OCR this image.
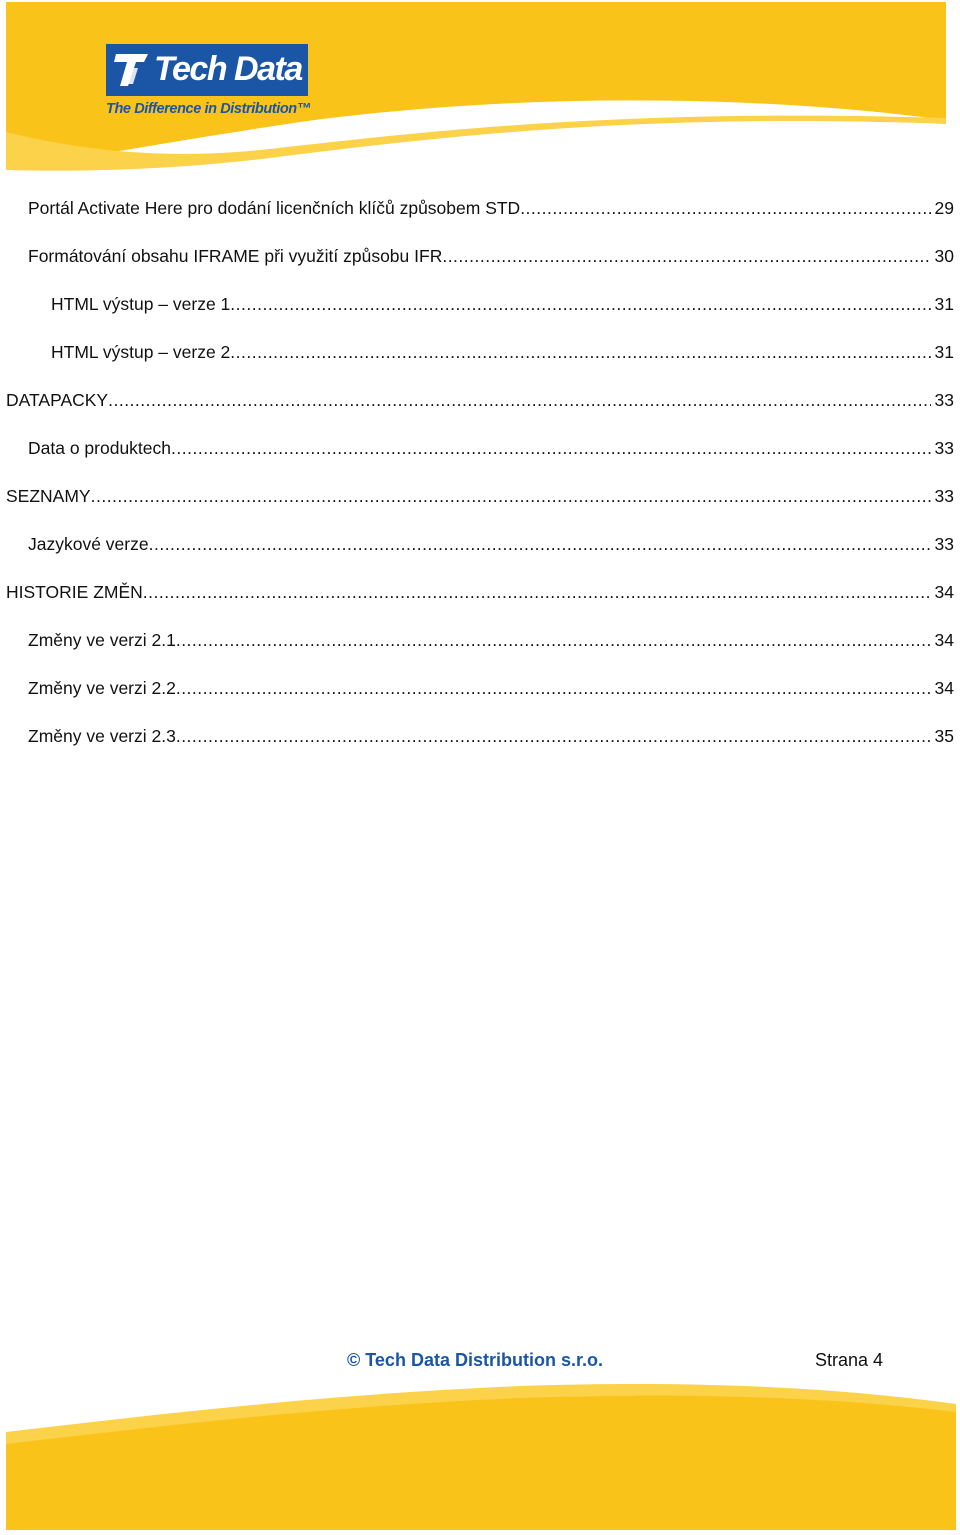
Tech Data
The Difference in Distribution™
Portál Activate Here pro dodání licenčních klíčů způsobem STD .....	29
Formátování obsahu IFRAME při využití způsobu IFR .....	30
HTML výstup – verze 1 .....	31
HTML výstup – verze 2 .....	31
DATAPACKY .....	33
Data o produktech .....	33
SEZNAMY .....	33
Jazykové verze .....	33
HISTORIE ZMĚN .....	34
Změny ve verzi 2.1 .....	34
Změny ve verzi 2.2 .....	34
Změny ve verzi 2.3 .....	35
© Tech Data Distribution s.r.o.	Strana 4
